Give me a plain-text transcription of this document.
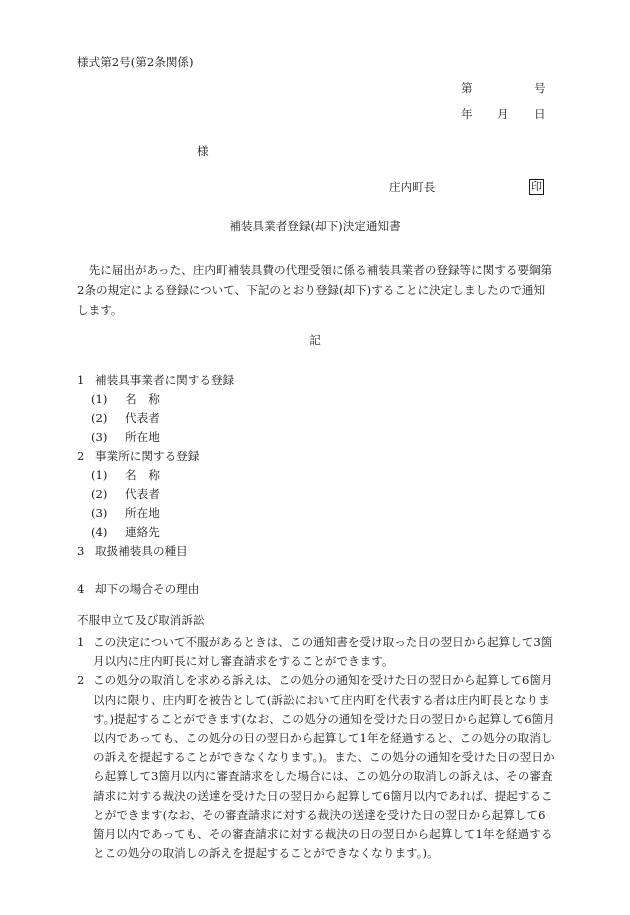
様式第2号(第2条関係)
第	号
年 月 日
様
庄内町長	印
補装具業者登録(却下)決定通知書
先に届出があった、庄内町補装具費の代理受領に係る補装具業者の登録等に関する要綱第2条の規定による登録について、下記のとおり登録(却下)することに決定しましたので通知します。
記
1 補装具事業者に関する登録
(1) 名　称
(2) 代表者
(3) 所在地
2 事業所に関する登録
(1) 名　称
(2) 代表者
(3) 所在地
(4) 連絡先
3 取扱補装具の種目
4 却下の場合その理由
不服申立て及び取消訴訟
1 この決定について不服があるときは、この通知書を受け取った日の翌日から起算して3箇月以内に庄内町長に対し審査請求をすることができます。
2 この処分の取消しを求める訴えは、この処分の通知を受けた日の翌日から起算して6箇月以内に限り、庄内町を被告として(訴訟において庄内町を代表する者は庄内町長となります。)提起することができます(なお、この処分の通知を受けた日の翌日から起算して6箇月以内であっても、この処分の日の翌日から起算して1年を経過すると、この処分の取消しの訴えを提起することができなくなります。)。また、この処分の通知を受けた日の翌日から起算して3箇月以内に審査請求をした場合には、この処分の取消しの訴えは、その審査請求に対する裁決の送達を受けた日の翌日から起算して6箇月以内であれば、提起することができます(なお、その審査請求に対する裁決の送達を受けた日の翌日から起算して6箇月以内であっても、その審査請求に対する裁決の日の翌日から起算して1年を経過するとこの処分の取消しの訴えを提起することができなくなります。)。
